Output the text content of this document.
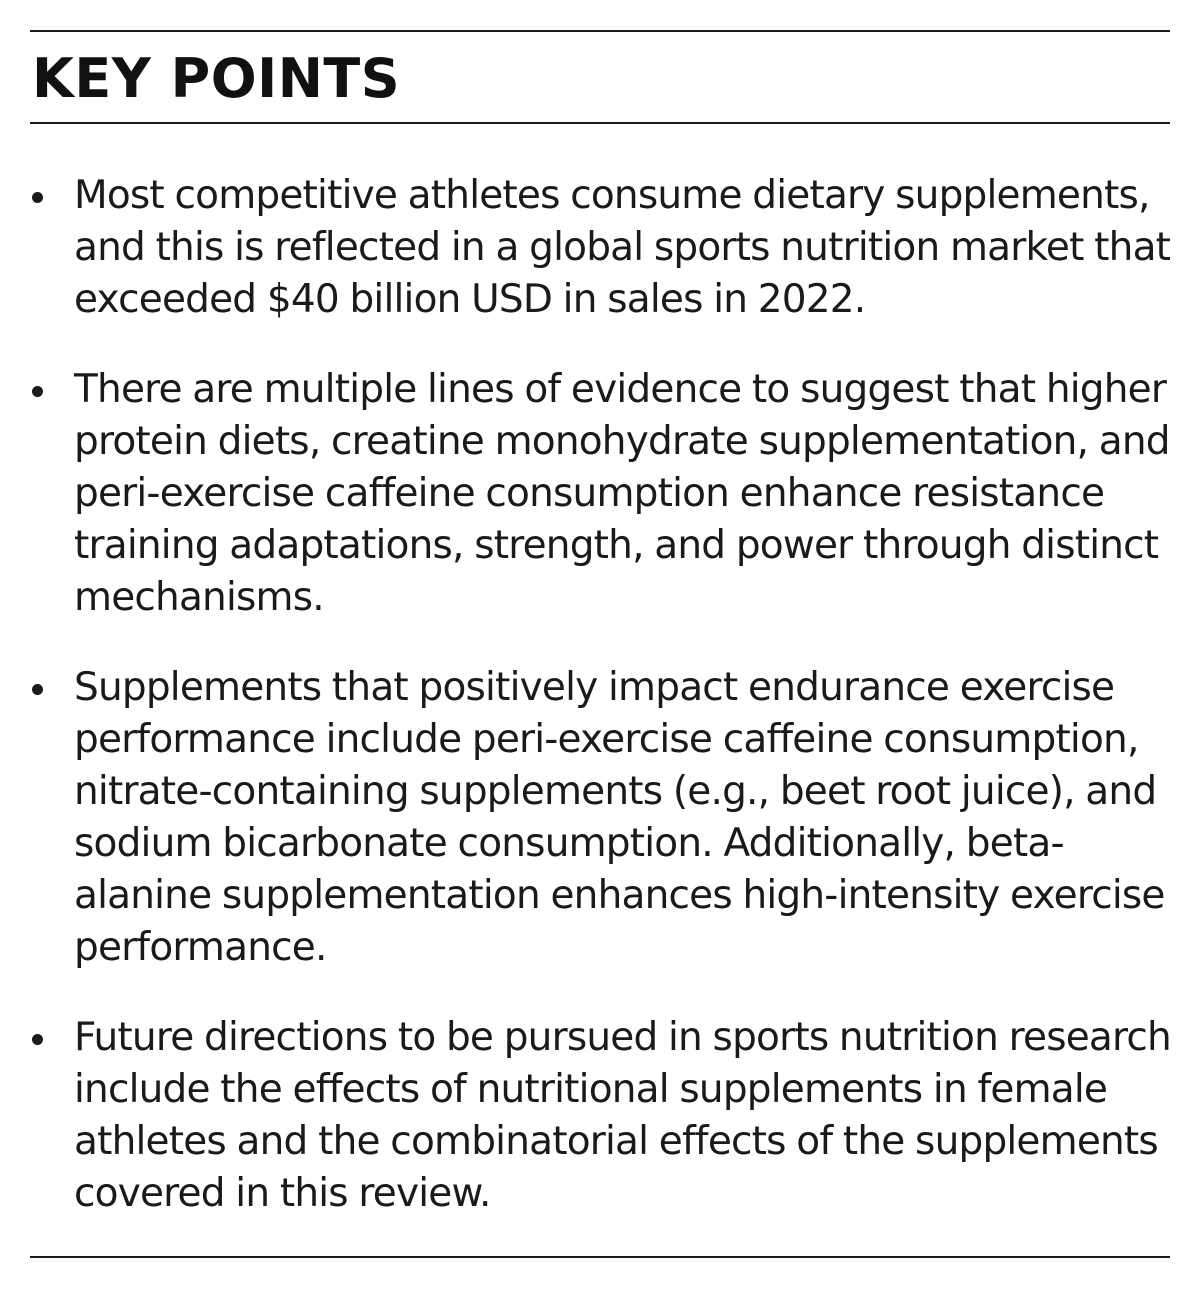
KEY POINTS
Most competitive athletes consume dietary supplements, and this is reflected in a global sports nutrition market that exceeded $40 billion USD in sales in 2022.
There are multiple lines of evidence to suggest that higher protein diets, creatine monohydrate supplementation, and peri-exercise caffeine consumption enhance resistance training adaptations, strength, and power through distinct mechanisms.
Supplements that positively impact endurance exercise performance include peri-exercise caffeine consumption, nitrate-containing supplements (e.g., beet root juice), and sodium bicarbonate consumption. Additionally, beta-alanine supplementation enhances high-intensity exercise performance.
Future directions to be pursued in sports nutrition research include the effects of nutritional supplements in female athletes and the combinatorial effects of the supplements covered in this review.
